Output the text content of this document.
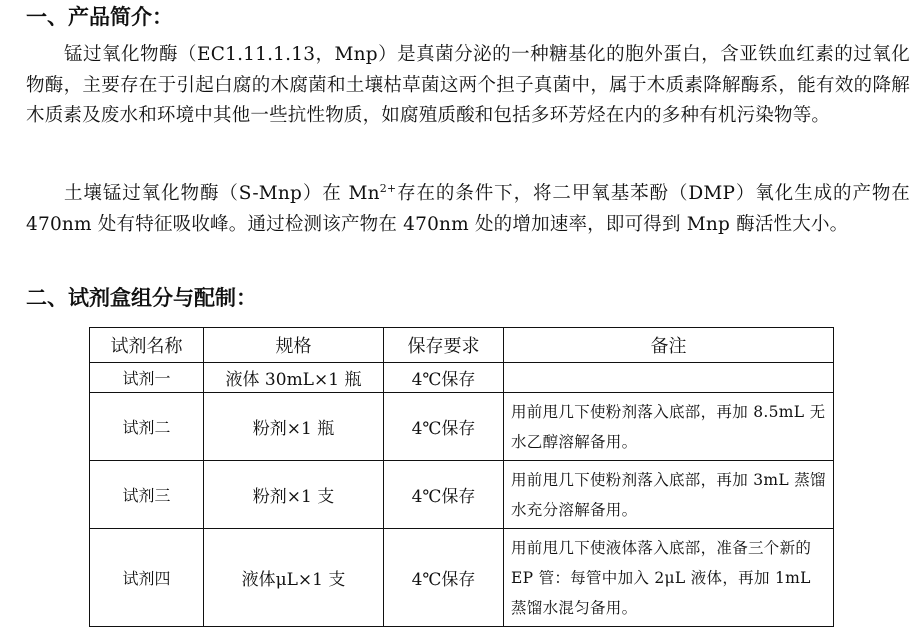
一、产品简介：

锰过氧化物酶（EC1.11.1.13，Mnp）是真菌分泌的一种糖基化的胞外蛋白，含亚铁血红素的过氧化物酶，主要存在于引起白腐的木腐菌和土壤枯草菌这两个担子真菌中，属于木质素降解酶系，能有效的降解木质素及废水和环境中其他一些抗性物质，如腐殖质酸和包括多环芳烃在内的多种有机污染物等。

土壤锰过氧化物酶（S-Mnp）在 $Mn^{2+}$存在的条件下，将二甲氧基苯酚（DMP）氧化生成的产物在 470nm 处有特征吸收峰。通过检测该产物在 470nm 处的增加速率，即可得到 Mnp 酶活性大小。

二、试剂盒组分与配制：
试剂名称	规格	保存要求	备注
试剂一	液体 30mL×1 瓶	4℃保存	
试剂二	粉剂×1 瓶	4℃保存	用前甩几下使粉剂落入底部，再加 8.5mL 无水乙醇溶解备用。
试剂三	粉剂×1 支	4℃保存	用前甩几下使粉剂落入底部，再加 3mL 蒸馏水充分溶解备用。
试剂四	液体μL×1 支	4℃保存	用前甩几下使液体落入底部，准备三个新的 EP 管：每管中加入 2μL 液体，再加 1mL 蒸馏水混匀备用。
